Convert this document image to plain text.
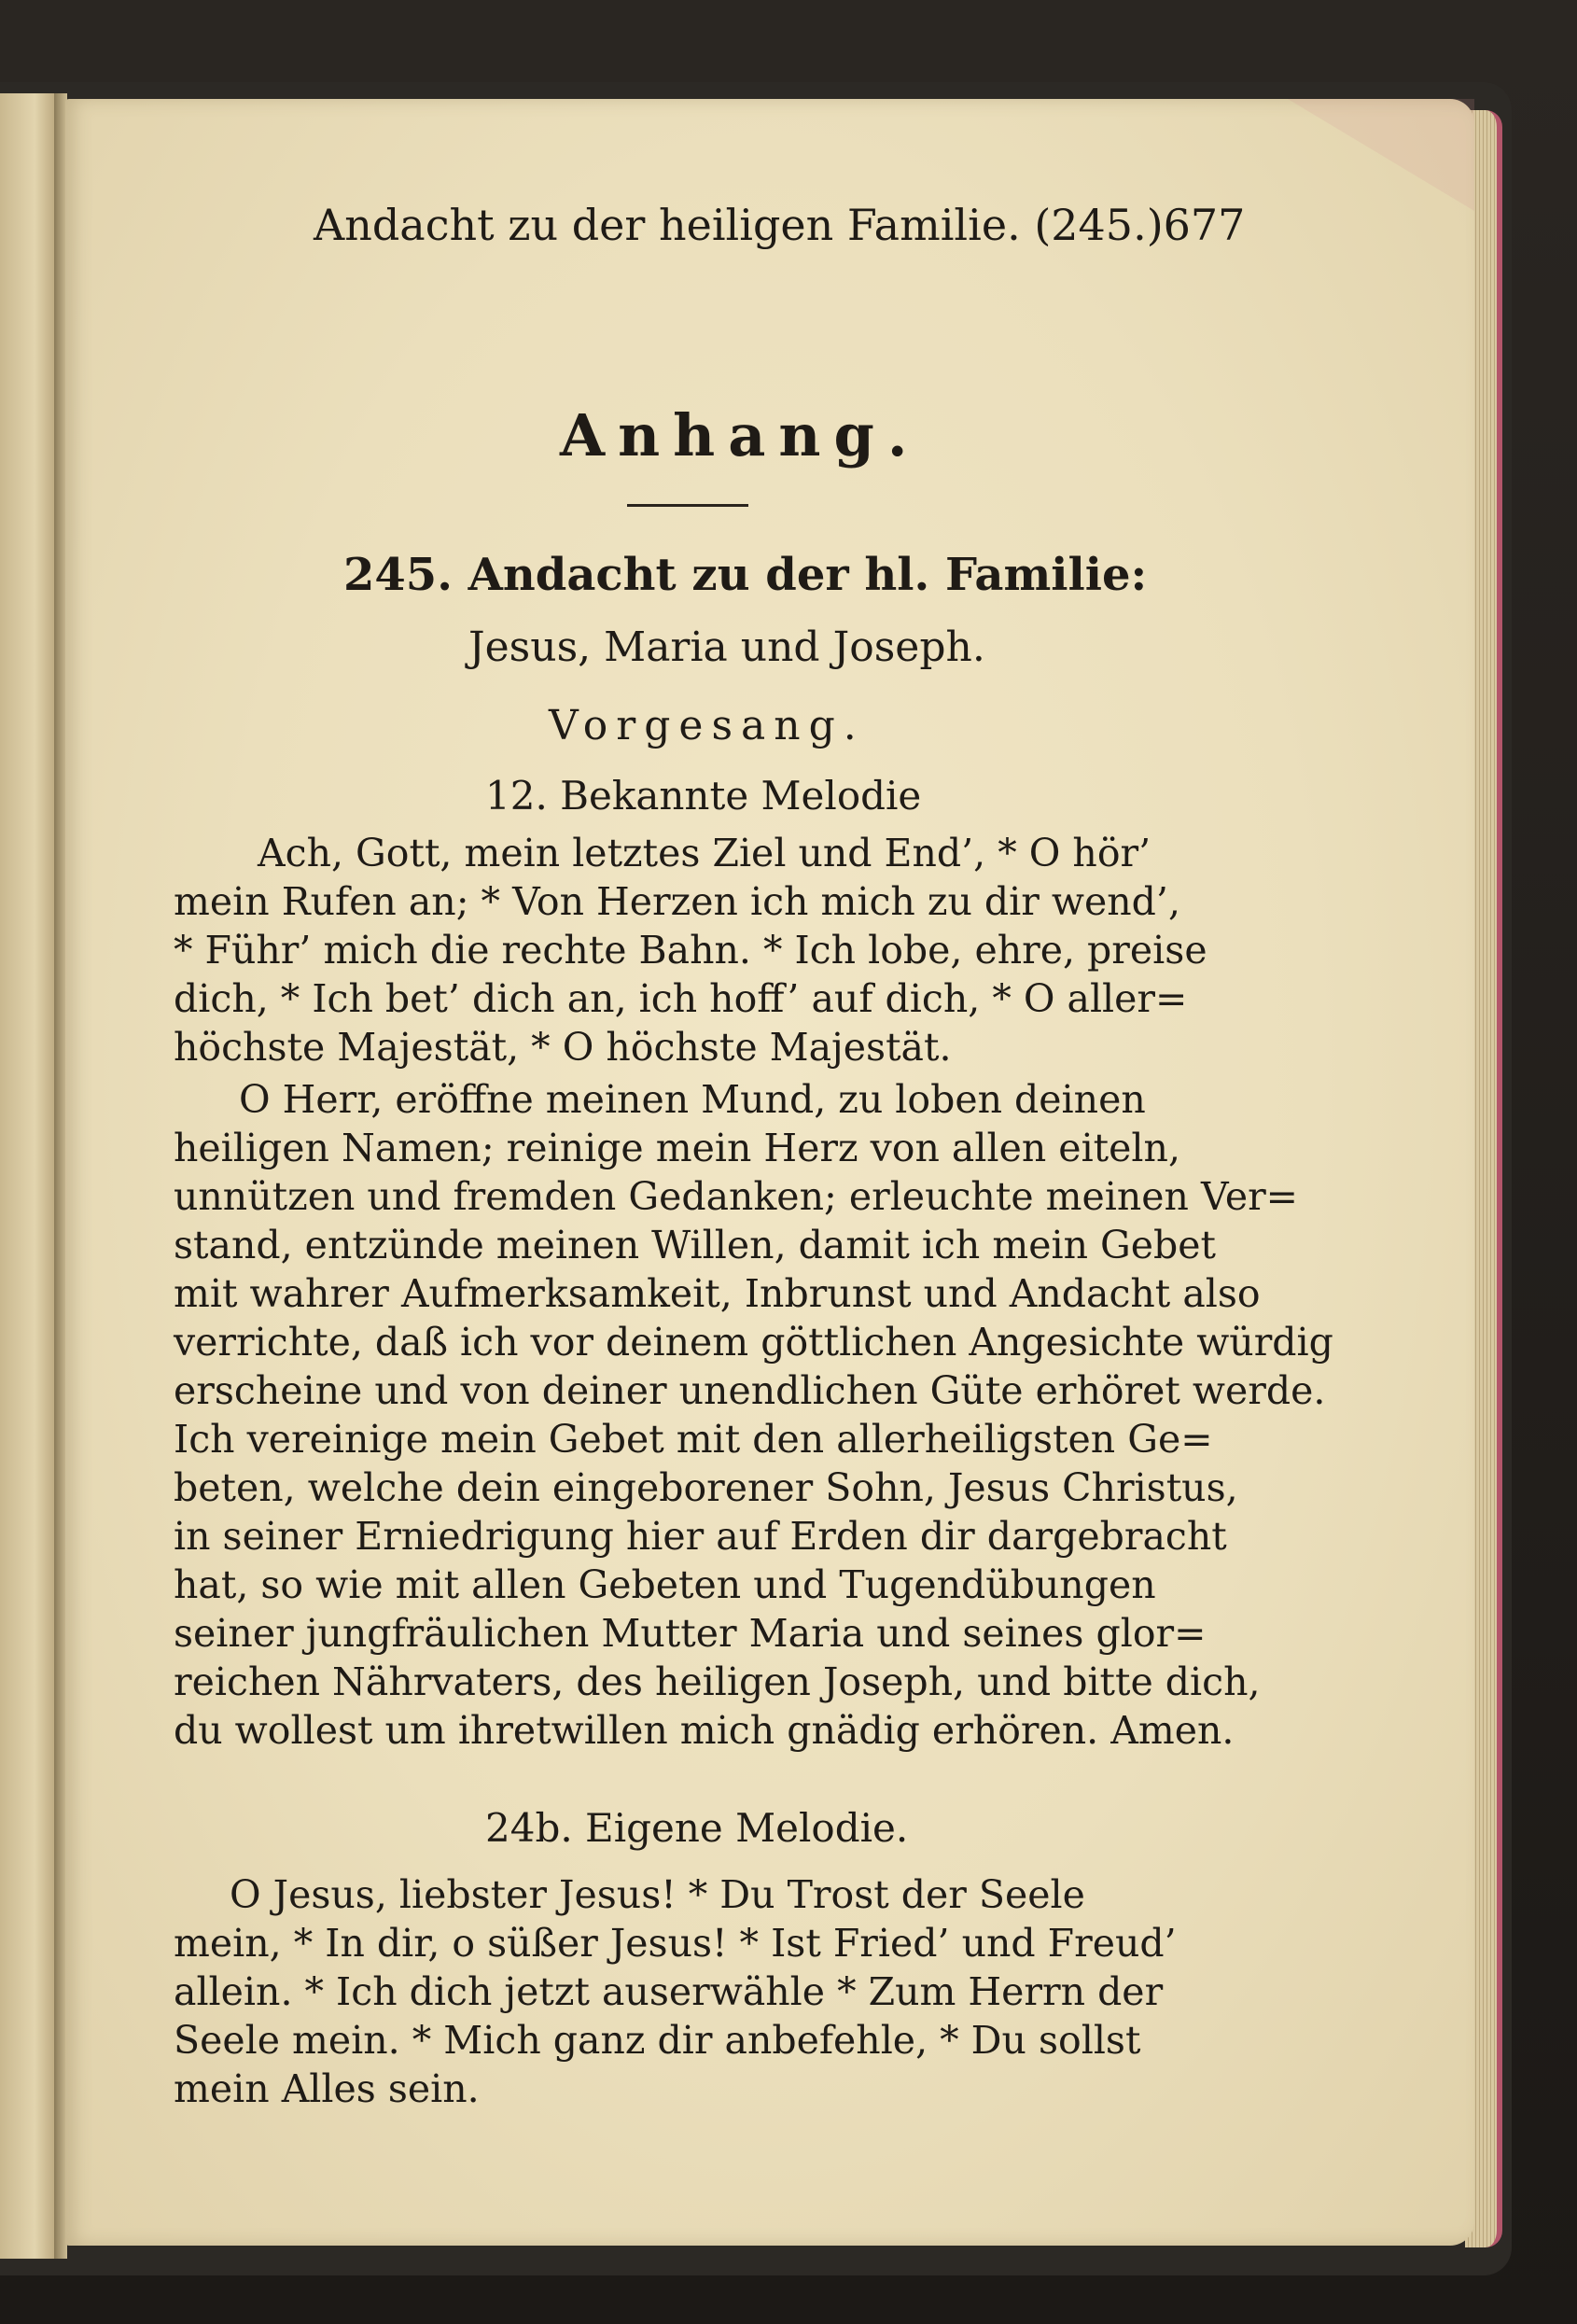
Andacht zu der heiligen Familie. (245.) 677
Anhang.
245. Andacht zu der hl. Familie:
Jesus, Maria und Joseph.
Vorgesang.
12. Bekannte Melodie
Ach, Gott, mein letztes Ziel und End’, * O hör’
mein Rufen an; * Von Herzen ich mich zu dir wend’,
* Führ’ mich die rechte Bahn. * Ich lobe, ehre, preise
dich, * Ich bet’ dich an, ich hoff’ auf dich, * O aller=
höchste Majestät, * O höchste Majestät.
O Herr, eröffne meinen Mund, zu loben deinen
heiligen Namen; reinige mein Herz von allen eiteln,
unnützen und fremden Gedanken; erleuchte meinen Ver=
stand, entzünde meinen Willen, damit ich mein Gebet
mit wahrer Aufmerksamkeit, Inbrunst und Andacht also
verrichte, daß ich vor deinem göttlichen Angesichte würdig
erscheine und von deiner unendlichen Güte erhöret werde.
Ich vereinige mein Gebet mit den allerheiligsten Ge=
beten, welche dein eingeborener Sohn, Jesus Christus,
in seiner Erniedrigung hier auf Erden dir dargebracht
hat, so wie mit allen Gebeten und Tugendübungen
seiner jungfräulichen Mutter Maria und seines glor=
reichen Nährvaters, des heiligen Joseph, und bitte dich,
du wollest um ihretwillen mich gnädig erhören. Amen.
24b. Eigene Melodie.
O Jesus, liebster Jesus! * Du Trost der Seele
mein, * In dir, o süßer Jesus! * Ist Fried’ und Freud’
allein. * Ich dich jetzt auserwähle * Zum Herrn der
Seele mein. * Mich ganz dir anbefehle, * Du sollst
mein Alles sein.
